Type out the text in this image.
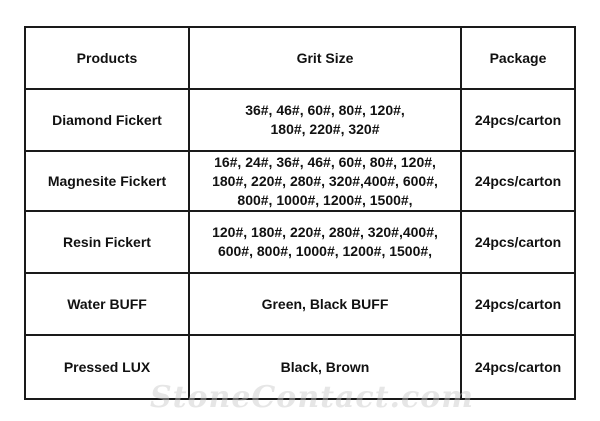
Products	Grit Size	Package
Diamond Fickert	36#, 46#, 60#, 80#, 120#,
180#, 220#, 320#	24pcs/carton
Magnesite Fickert	16#, 24#, 36#, 46#, 60#, 80#, 120#,
180#, 220#, 280#, 320#,400#, 600#,
800#, 1000#, 1200#, 1500#,	24pcs/carton
Resin Fickert	120#, 180#, 220#, 280#, 320#,400#,
600#, 800#, 1000#, 1200#, 1500#,	24pcs/carton
Water BUFF	Green, Black BUFF	24pcs/carton
Pressed LUX	Black, Brown	24pcs/carton
StoneContact.com
